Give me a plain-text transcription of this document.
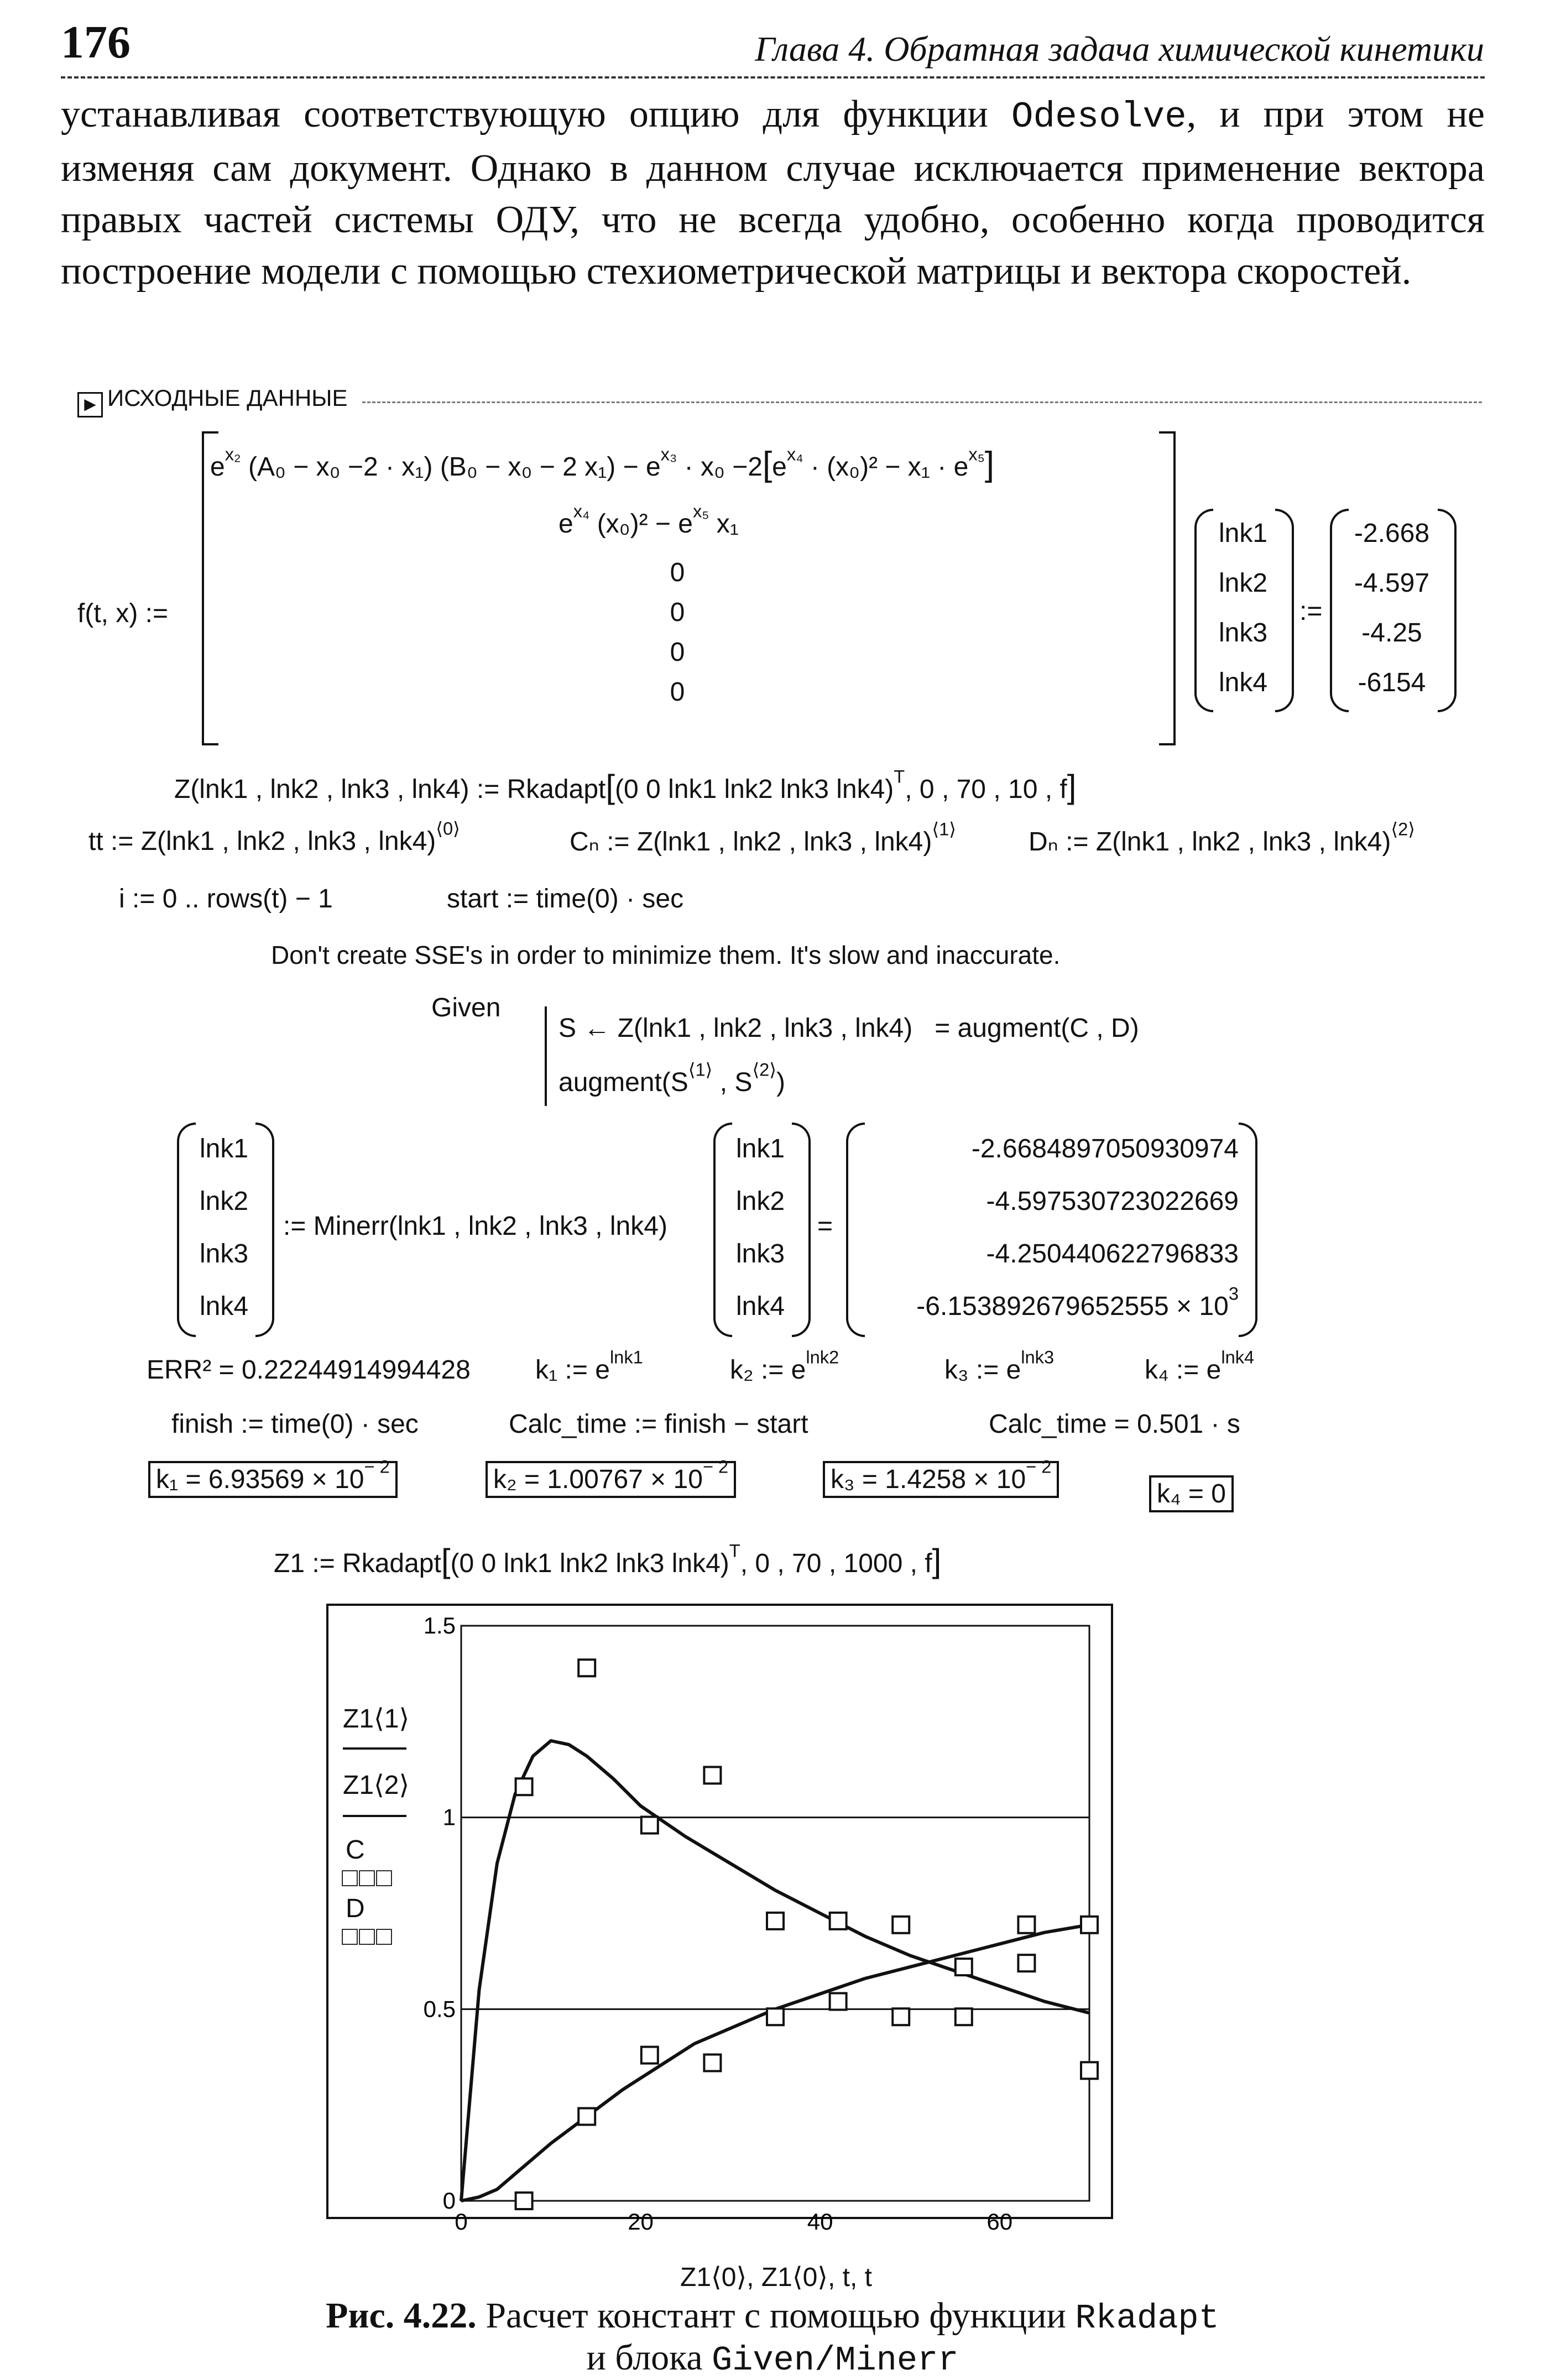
176	Глава 4. Обратная задача химической кинетики
устанавливая соответствующую опцию для функции Odesolve, и при этом не изменяя сам документ. Однако в данном случае исключается применение вектора правых частей системы ОДУ, что не всегда удобно, особенно когда проводится построение модели с помощью стехиометрической матрицы и вектора скоростей.
▶ ИСХОДНЫЕ ДАННЫЕ
f(t, x) :=
$e^{x_2}$ (A₀ − x₀ −2 · x₁) (B₀ − x₀ − 2 $x_1) - e^{x_3} \cdot x_0 -2[e^{x_4} \cdot (x_0)^2 - x_1 \cdot e^{x_5}]$
$e^{x_4}$ $(x_0)^2 - e^{x_5}$ x₁
0
0
0
0
lnk1
lnk2
lnk3
lnk4
:=
-2.668
-4.597
-4.25
-6154
Z(lnk1 , lnk2 , lnk3 , lnk4) := Rkadapt[(0 0 lnk1 lnk2 lnk3 lnk4)$^T$, 0 , 70 , 10 , f]
tt := Z(lnk1 , lnk2 , lnk3 , lnk4)$^{⟨0⟩}$	Cₙ := Z(lnk1 , lnk2 , lnk3 , lnk4)$^{⟨1⟩}$	Dₙ := Z(lnk1 , lnk2 , lnk3 , lnk4)$^{⟨2⟩}$
i := 0 .. rows(t) − 1	start := time(0) · sec
Don't create SSE's in order to minimize them. It's slow and inaccurate.
Given
S ← Z(lnk1 , lnk2 , lnk3 , lnk4) = augment(C , D)
$augment(S^{⟨1⟩}$ , $S^{⟨2⟩}$)
lnk1
lnk2
lnk3
lnk4
:= Minerr(lnk1 , lnk2 , lnk3 , lnk4)
lnk1
lnk2
lnk3
lnk4
=
-2.6684897050930974
-4.597530723022669
-4.250440622796833
$-6.153892679652555 \times 10^3$
ERR² = 0.22244914994428 k₁ := $e^{lnk1}$	k₂ := $e^{lnk2}$	k₃ := $e^{lnk3}$	k₄ := $e^{lnk4}$
finish := time(0) · sec	Calc_time := finish − start	Calc_time = 0.501 · s
$k_1 = 6.93569 \times 10^{- 2}$	$k_2 = 1.00767 \times 10^{- 2}$	$k_3 = 1.4258 \times 10^{- 2}$
k₄ = 0
Z1 := Rkadapt[(0 0 lnk1 lnk2 lnk3 lnk4)$^T$, 0 , 70 , 1000 , f]
0
0.5
1
1.5
0	20	40	60
Z1⟨1⟩
Z1⟨2⟩
C
□□□
D
□□□
Z1⟨0⟩, Z1⟨0⟩, t, t
Рис. 4.22. Расчет констант с помощью функции Rkadapt
и блока Given/Minerr
